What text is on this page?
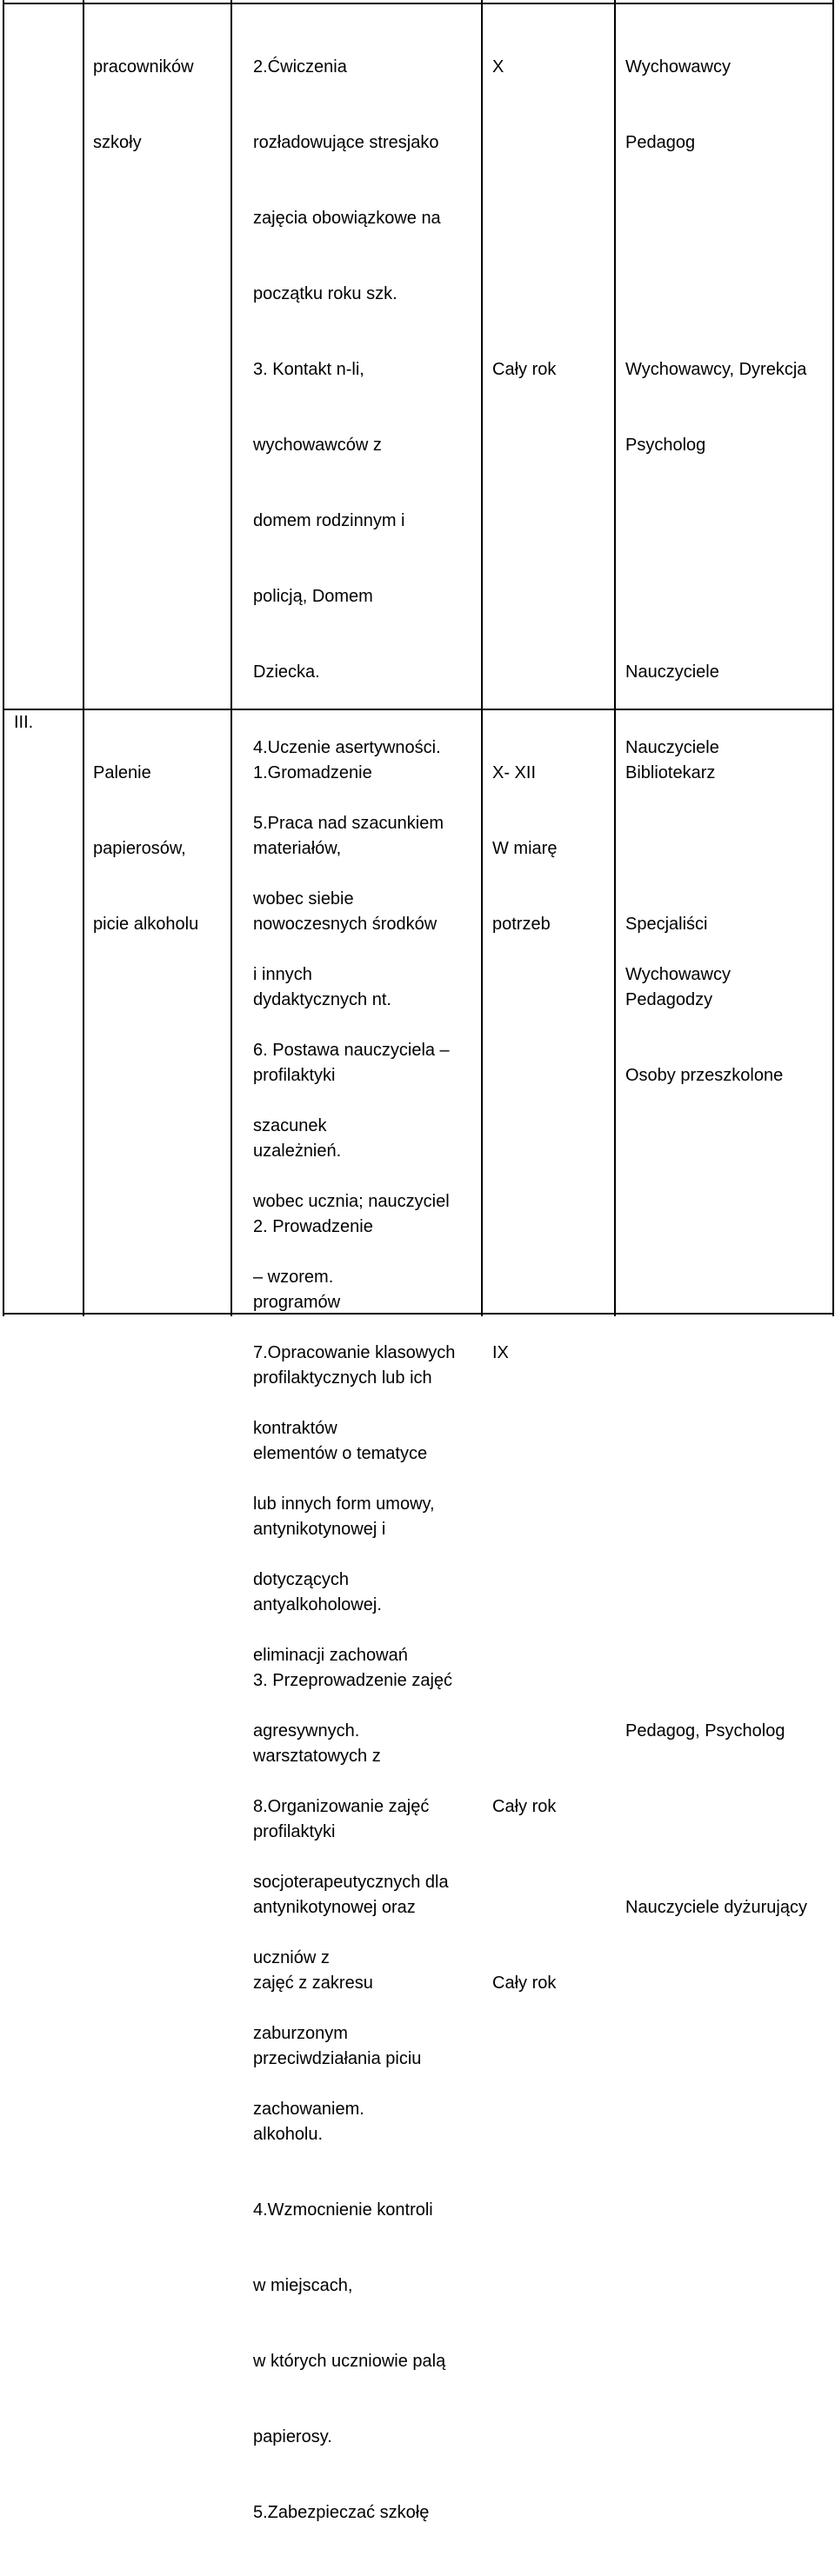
pracowników

szkoły

2.Ćwiczenia

rozładowujące stresjako

zajęcia obowiązkowe na

początku roku szk.

3. Kontakt n-li,

wychowawców z

domem rodzinnym i

policją, Domem

Dziecka.

4.Uczenie asertywności.

5.Praca nad szacunkiem

wobec siebie

i innych

6. Postawa nauczyciela –

szacunek

wobec ucznia; nauczyciel

– wzorem.

7.Opracowanie klasowych

kontraktów

lub innych form umowy,

dotyczących

eliminacji zachowań

agresywnych.

8.Organizowanie zajęć

socjoterapeutycznych dla

uczniów z

zaburzonym

zachowaniem.

X

Cały rok

IX

Cały rok

Wychowawcy

Pedagog

Wychowawcy, Dyrekcja

Psycholog

Nauczyciele

Nauczyciele

Wychowawcy

Pedagog, Psycholog

III.

Palenie

papierosów,

picie alkoholu

1.Gromadzenie

materiałów,

nowoczesnych środków

dydaktycznych nt.

profilaktyki

uzależnień.

2. Prowadzenie

programów

profilaktycznych lub ich

elementów o tematyce

antynikotynowej i

antyalkoholowej.

3. Przeprowadzenie zajęć

warsztatowych z

profilaktyki

antynikotynowej oraz

zajęć z zakresu

przeciwdziałania piciu

alkoholu.

4.Wzmocnienie kontroli

w miejscach,

w których uczniowie palą

papierosy.

5.Zabezpieczać szkołę

X- XII

W miarę

potrzeb

Cały rok

Bibliotekarz

Specjaliści

Pedagodzy

Osoby przeszkolone

Nauczyciele dyżurujący
